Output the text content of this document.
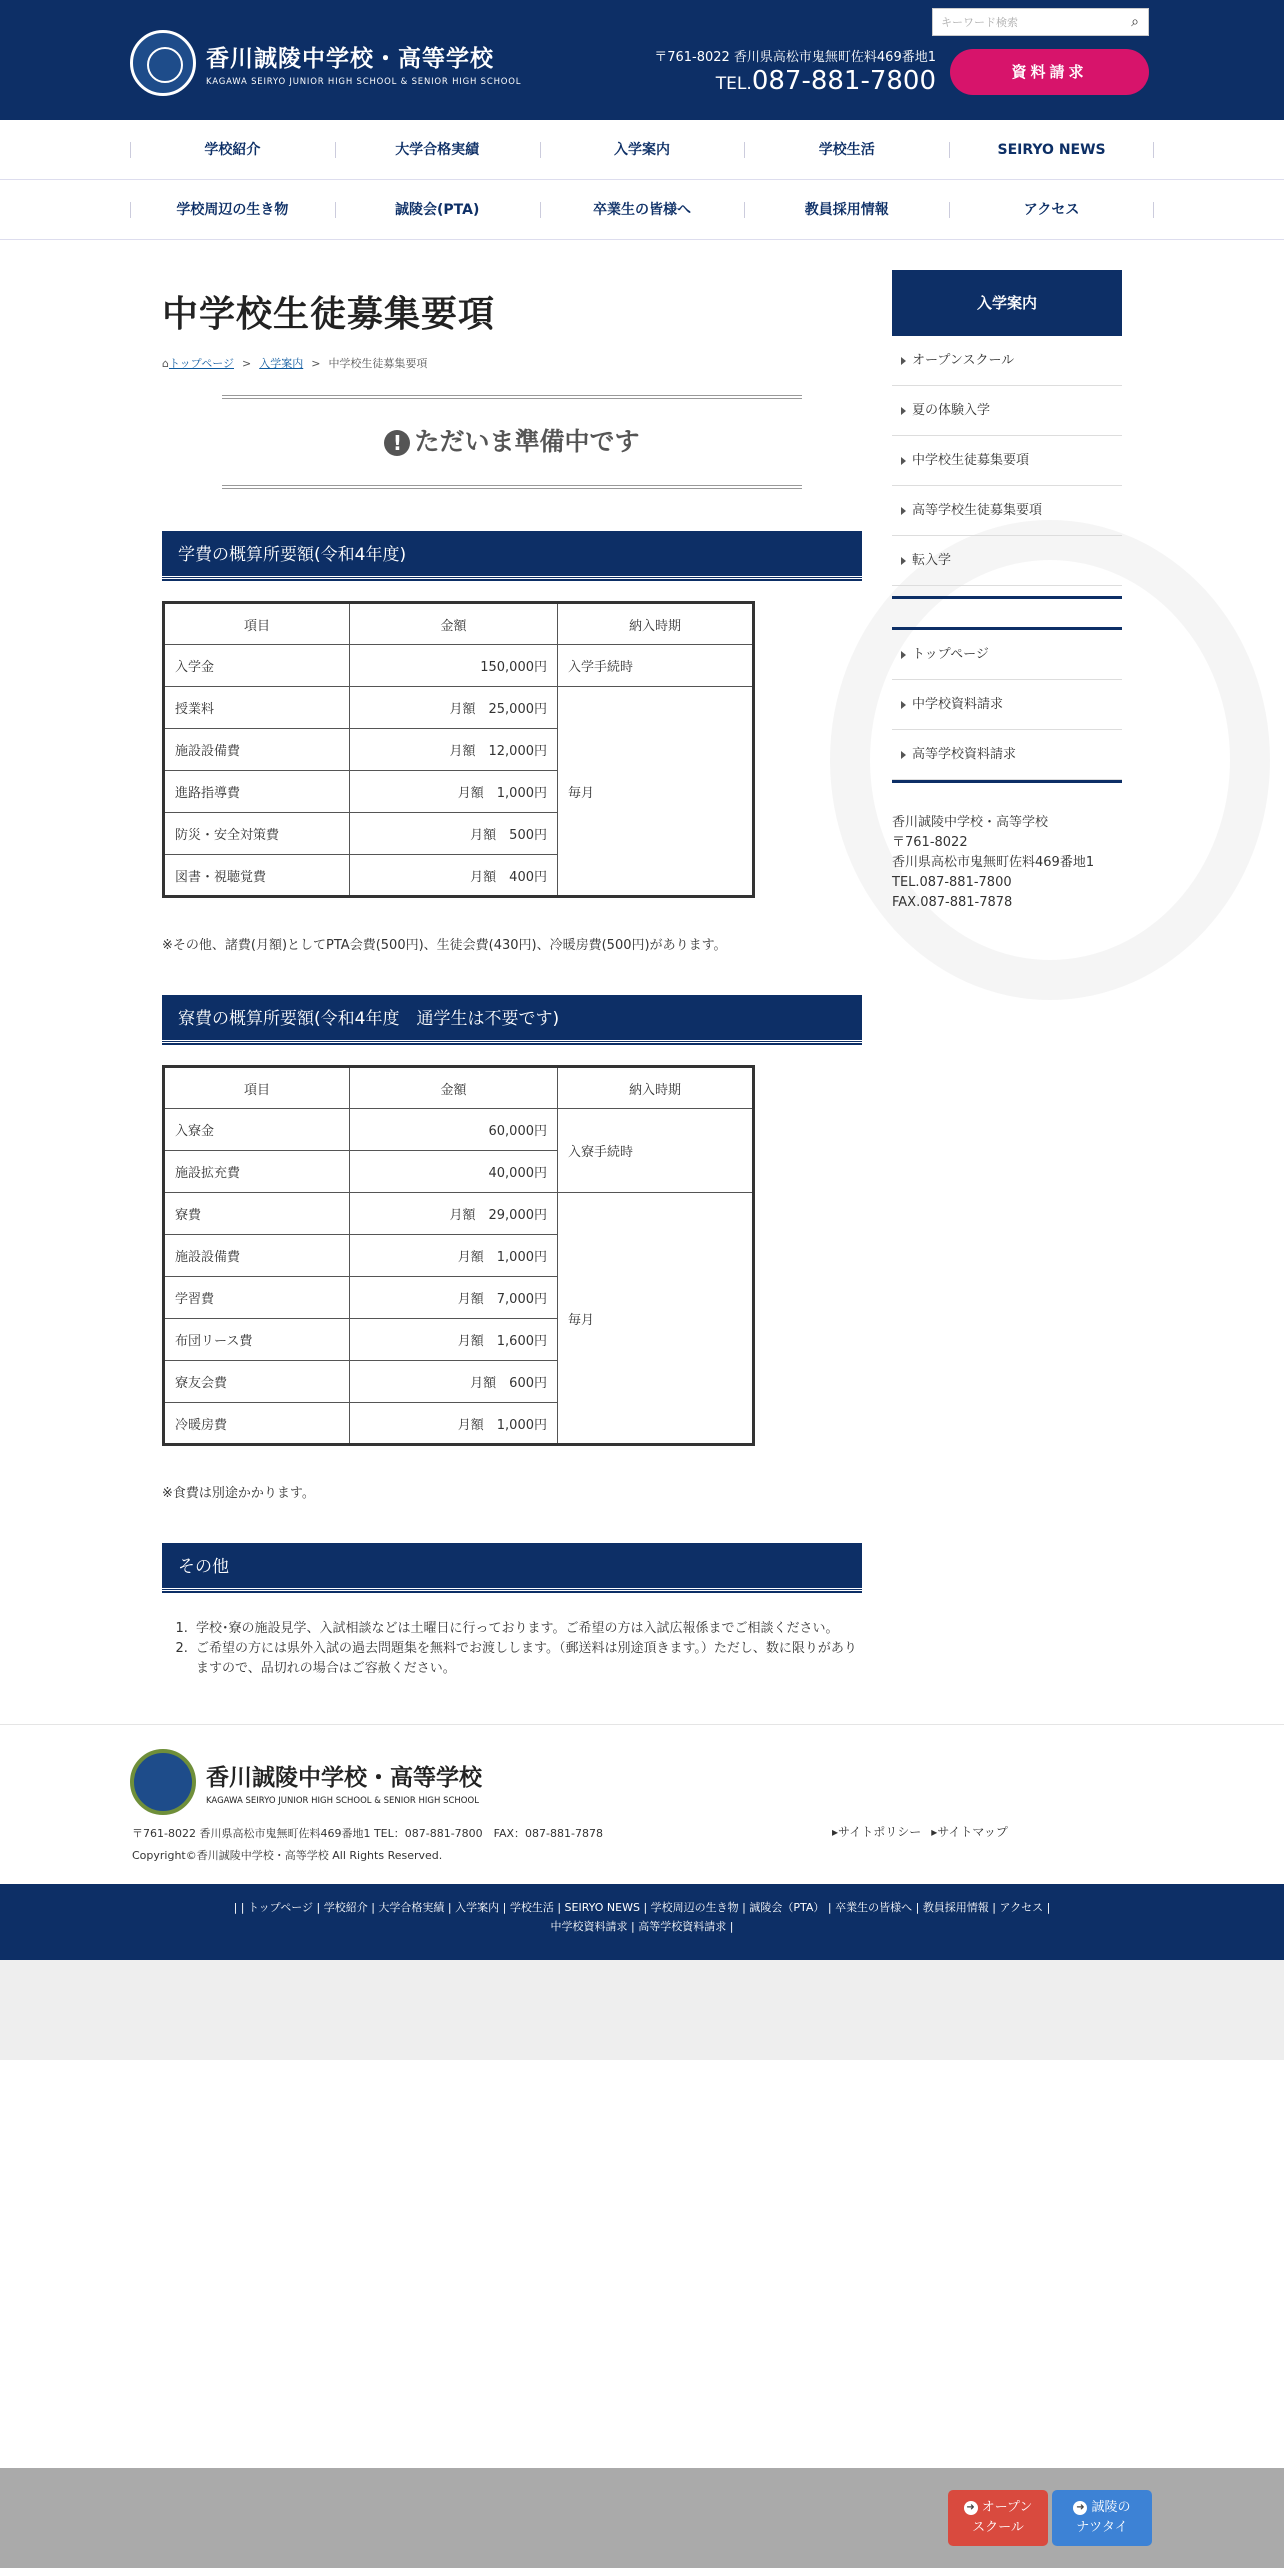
香川誠陵中学校・高等学校
KAGAWA SEIRYO JUNIOR HIGH SCHOOL & SENIOR HIGH SCHOOL
キーワード検索	⌕
〒761-8022 香川県高松市鬼無町佐料469番地1
TEL.087-881-7800	資料請求
学校紹介	大学合格実績	入学案内	学校生活	SEIRYO NEWS
学校周辺の生き物	誠陵会(PTA)	卒業生の皆様へ	教員採用情報	アクセス
中学校生徒募集要項
⌂トップページ > 入学案内 > 中学校生徒募集要項
! ただいま準備中です
学費の概算所要額(令和4年度)
項目	金額	納入時期
入学金	150,000円	入学手続時
授業料	月額　25,000円	毎月
施設設備費	月額　12,000円	
進路指導費	月額　1,000円	
防災・安全対策費	月額　500円	
図書・視聴覚費	月額　400円	
※その他、諸費(月額)としてPTA会費(500円)、生徒会費(430円)、冷暖房費(500円)があります。
寮費の概算所要額(令和4年度　通学生は不要です)
項目	金額	納入時期
入寮金	60,000円	入寮手続時
施設拡充費	40,000円	
寮費	月額　29,000円	毎月
施設設備費	月額　1,000円	
学習費	月額　7,000円	
布団リース費	月額　1,600円	
寮友会費	月額　600円	
冷暖房費	月額　1,000円	
※食費は別途かかります。
その他
1. 学校･寮の施設見学、入試相談などは土曜日に行っております。ご希望の方は入試広報係までご相談ください。
2. ご希望の方には県外入試の過去問題集を無料でお渡しします。（郵送料は別途頂きます。）ただし、数に限りがありますので、品切れの場合はご容赦ください。
入学案内
オープンスクール
夏の体験入学
中学校生徒募集要項
高等学校生徒募集要項
転入学
トップページ
中学校資料請求
高等学校資料請求
香川誠陵中学校・高等学校
〒761-8022
香川県高松市鬼無町佐料469番地1
TEL.087-881-7800
FAX.087-881-7878
香川誠陵中学校・高等学校
KAGAWA SEIRYO JUNIOR HIGH SCHOOL & SENIOR HIGH SCHOOL
〒761-8022 香川県高松市鬼無町佐料469番地1 TEL：087-881-7800　FAX：087-881-7878
Copyright©香川誠陵中学校・高等学校 All Rights Reserved.
▸ サイトポリシー ▸ サイトマップ
| | トップページ | 学校紹介 | 大学合格実績 | 入学案内 | 学校生活 | SEIRYO NEWS | 学校周辺の生き物 | 誠陵会（PTA） | 卒業生の皆様へ | 教員採用情報 | アクセス |
中学校資料請求 | 高等学校資料請求 |
➜ オープン
スクール
➜ 誠陵の
ナツタイ
